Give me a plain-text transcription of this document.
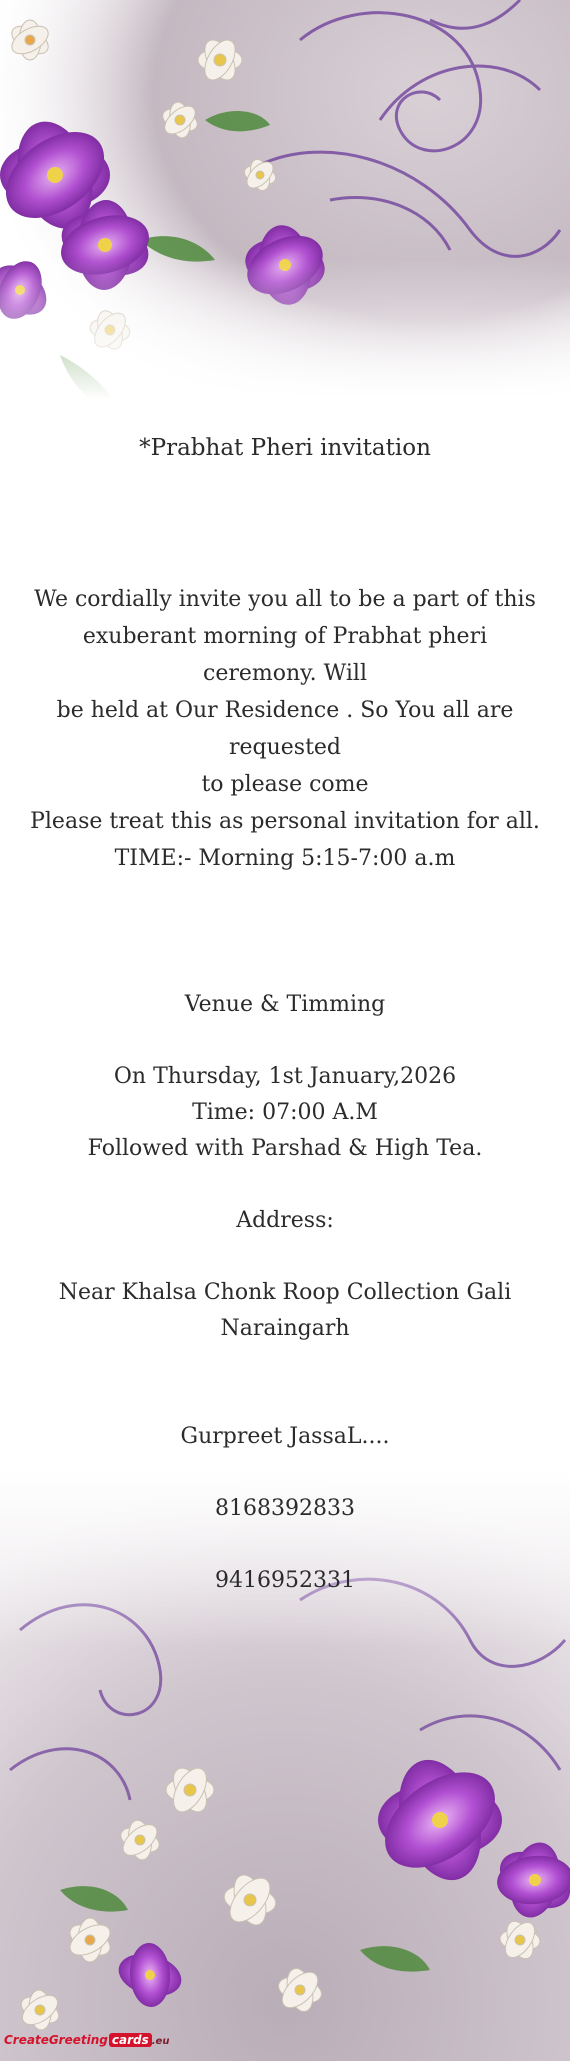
*Prabhat Pheri invitation
We cordially invite you all to be a part of this
exuberant morning of Prabhat pheri ceremony. Will
be held at Our Residence . So You all are requested
to please come
Please treat this as personal invitation for all.
TIME:- Morning 5:15-7:00 a.m
Venue & Timming
On Thursday, 1st January,2026
Time: 07:00 A.M
Followed with Parshad & High Tea.
Address:
Near Khalsa Chonk Roop Collection Gali
Naraingarh
Gurpreet JassaL....
8168392833
9416952331
CreateGreeting cards .eu
